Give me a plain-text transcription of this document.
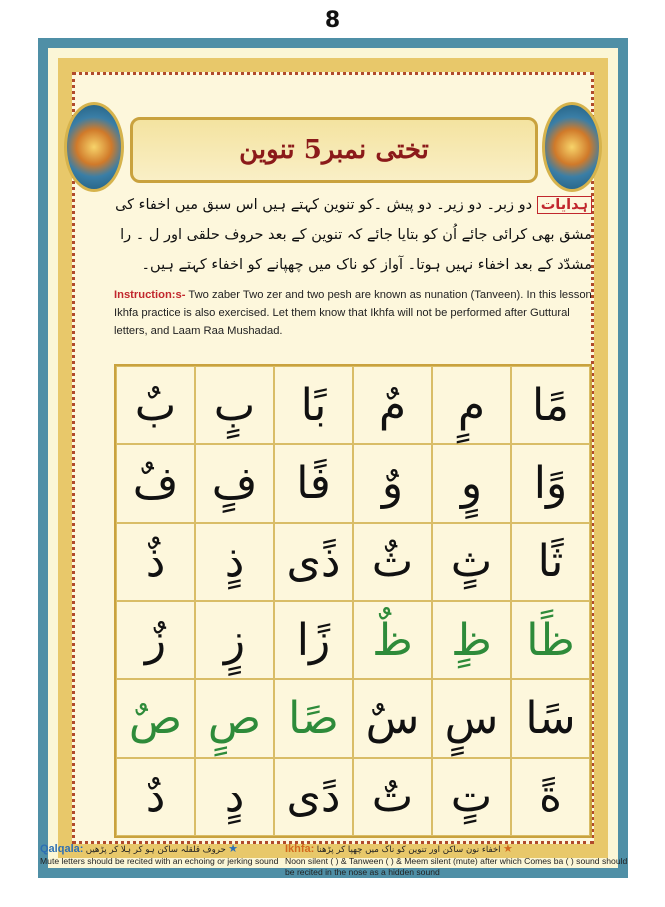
8
تختی نمبر5 تنوین
ہدایات دو زبر۔ دو زیر۔ دو پیش ۔کو تنوین کہتے ہیں اس سبق میں اخفاء کی مشق بھی کرائی جائے اُن کو بتایا جائے کہ تنوین کے بعد حروف حلقی اور ل ۔ را مشدّد کے بعد اخفاء نہیں ہوتا۔ آواز کو ناک میں چھپانے کو اخفاء کہتے ہیں۔
Instruction:s- Two zaber Two zer and two pesh are known as nunation (Tanveen). In this lesson Ikhfa practice is also exercised. Let them know that Ikhfa will not be performed after Guttural letters, and Laam Raa Mushadad.
مًا
مٍ
مٌ
بًا
بٍ
بٌ
وًا
وٍ
وٌ
فًا
فٍ
فٌ
ثًا
ثٍ
ثٌ
ذًى
ذٍ
ذٌ
ظًا
ظٍ
ظٌ
زًا
زٍ
زٌ
سًا
سٍ
سٌ
صًا
صٍ
صٌ
ةً
تٍ
تٌ
دًى
دٍ
دٌ
Qalqala: حروف قلقلہ ساکن ہو کر ہلا کر پڑھیں ★
Mute letters should be recited with an echoing or jerking sound
Ikhfa: اخفاء نون ساکن اور تنوین کو ناک میں چھپا کر پڑھنا ★
Noon silent ( ) & Tanween ( ) & Meem silent (mute) after which Comes ba ( ) sound should be recited in the nose as a hidden sound
